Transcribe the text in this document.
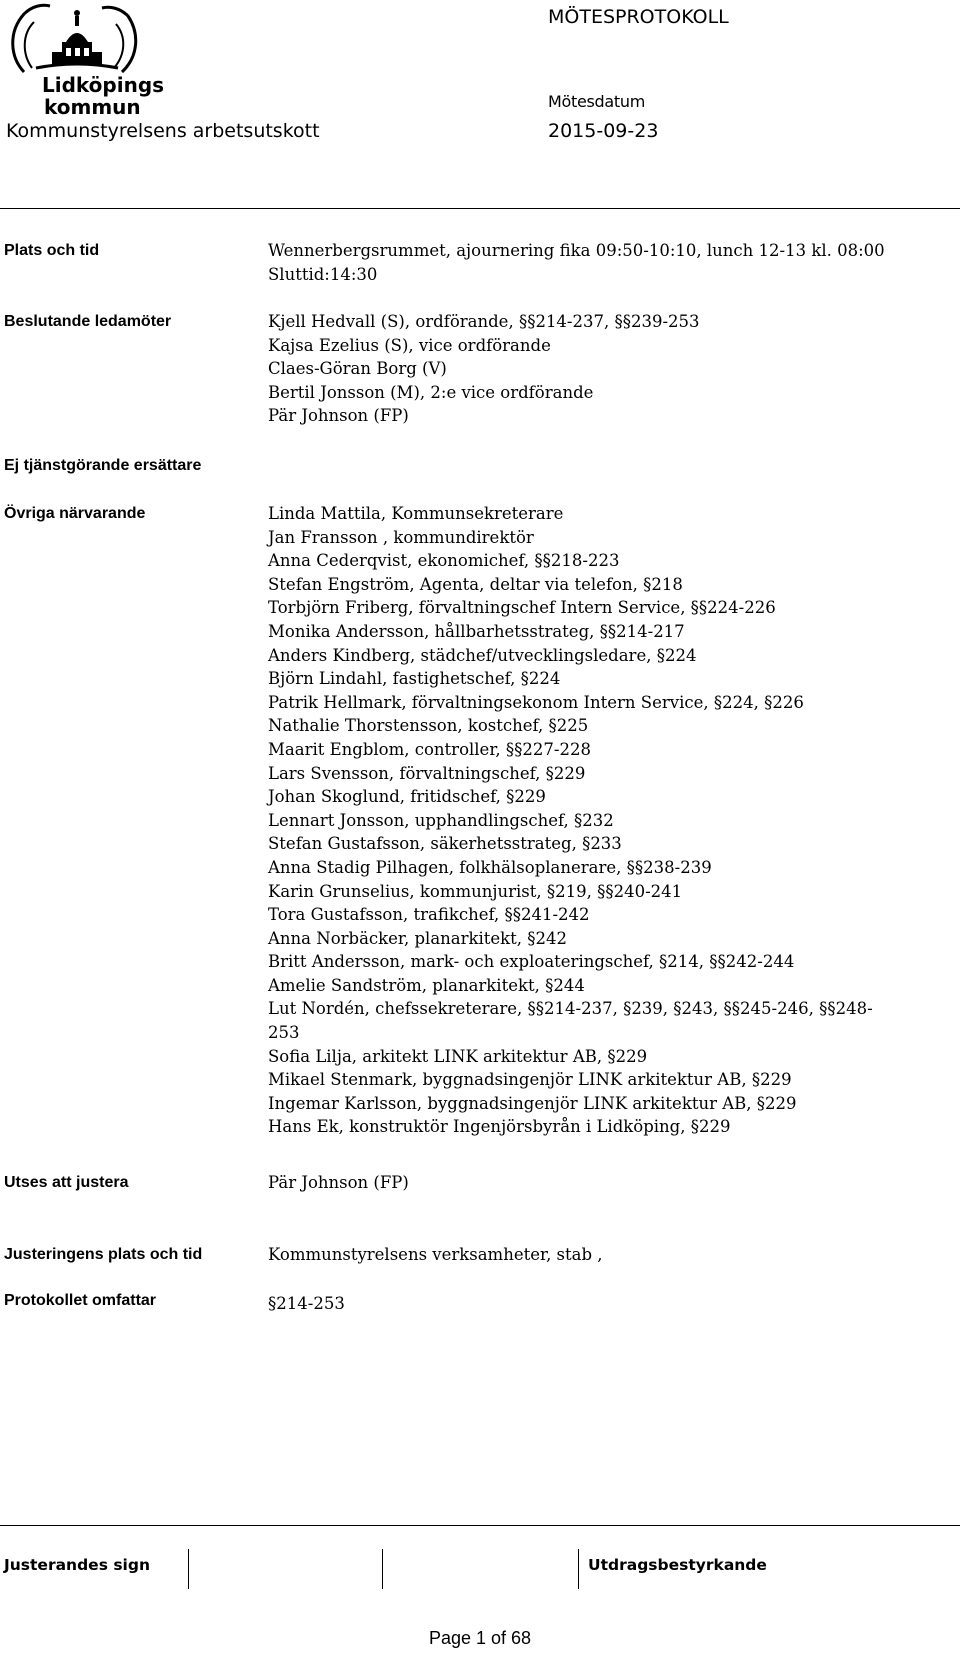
Lidköpings
kommun
Kommunstyrelsens arbetsutskott
MÖTESPROTOKOLL
Mötesdatum
2015-09-23
Plats och tid	Wennerbergsrummet, ajournering fika 09:50-10:10, lunch 12-13 kl. 08:00
Sluttid:14:30
Beslutande ledamöter	Kjell Hedvall (S), ordförande, §§214-237, §§239-253
Kajsa Ezelius (S), vice ordförande
Claes-Göran Borg (V)
Bertil Jonsson (M), 2:e vice ordförande
Pär Johnson (FP)
Ej tjänstgörande ersättare
Övriga närvarande	Linda Mattila, Kommunsekreterare
Jan Fransson , kommundirektör
Anna Cederqvist, ekonomichef, §§218-223
Stefan Engström, Agenta, deltar via telefon, §218
Torbjörn Friberg, förvaltningschef Intern Service, §§224-226
Monika Andersson, hållbarhetsstrateg, §§214-217
Anders Kindberg, städchef/utvecklingsledare, §224
Björn Lindahl, fastighetschef, §224
Patrik Hellmark, förvaltningsekonom Intern Service, §224, §226
Nathalie Thorstensson, kostchef, §225
Maarit Engblom, controller, §§227-228
Lars Svensson, förvaltningschef, §229
Johan Skoglund, fritidschef, §229
Lennart Jonsson, upphandlingschef, §232
Stefan Gustafsson, säkerhetsstrateg, §233
Anna Stadig Pilhagen, folkhälsoplanerare, §§238-239
Karin Grunselius, kommunjurist, §219, §§240-241
Tora Gustafsson, trafikchef, §§241-242
Anna Norbäcker, planarkitekt, §242
Britt Andersson, mark- och exploateringschef, §214, §§242-244
Amelie Sandström, planarkitekt, §244
Lut Nordén, chefssekreterare, §§214-237, §239, §243, §§245-246, §§248-
253
Sofia Lilja, arkitekt LINK arkitektur AB, §229
Mikael Stenmark, byggnadsingenjör LINK arkitektur AB, §229
Ingemar Karlsson, byggnadsingenjör LINK arkitektur AB, §229
Hans Ek, konstruktör Ingenjörsbyrån i Lidköping, §229
Utses att justera	Pär Johnson (FP)
Justeringens plats och tid	Kommunstyrelsens verksamheter, stab ,
Protokollet omfattar	§214-253
Justerandes sign	Utdragsbestyrkande
Page 1 of 68
